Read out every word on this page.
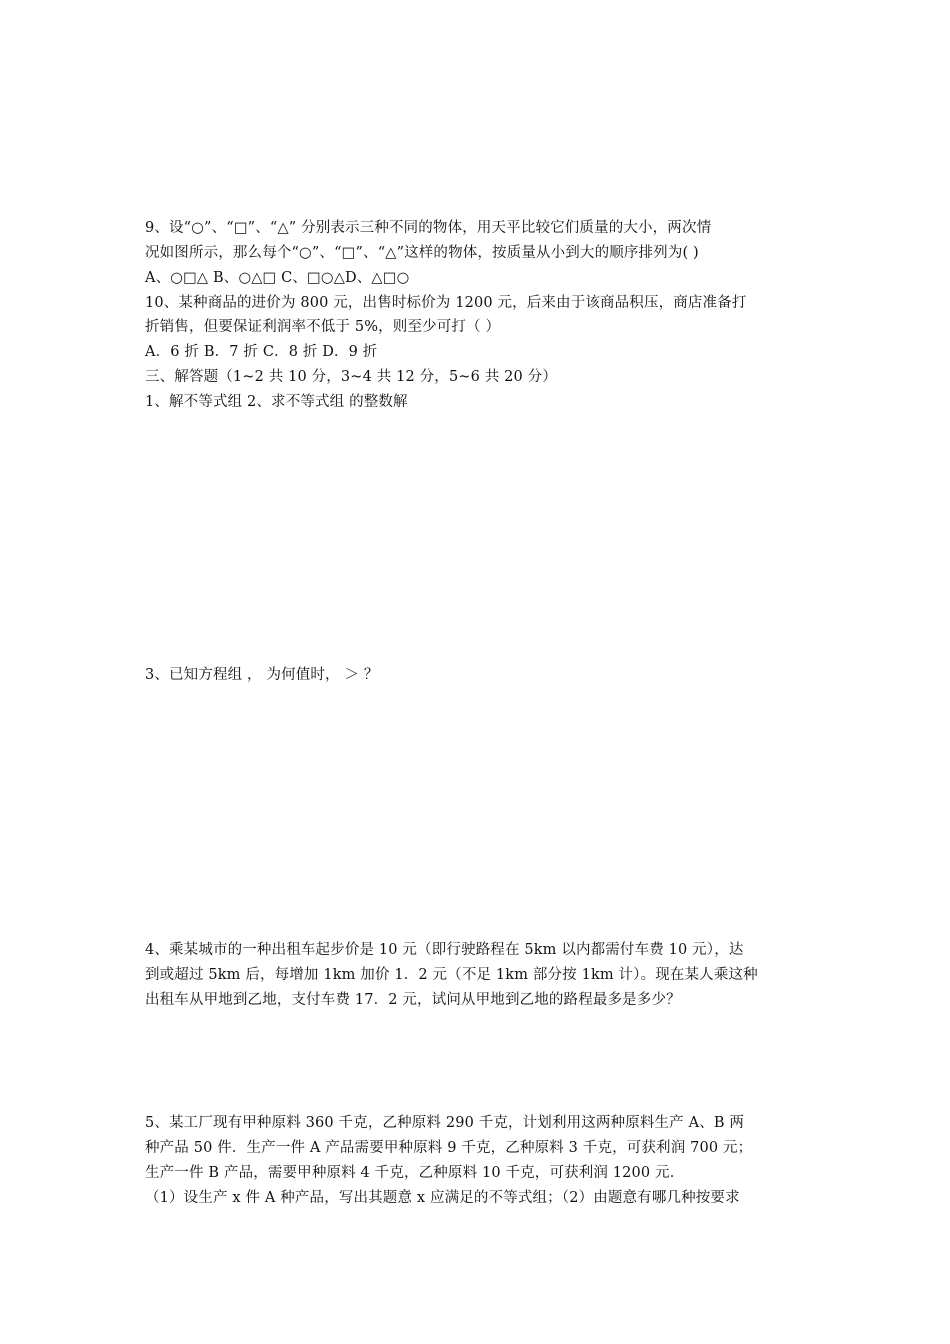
9、设“○”、“□”、“△” 分别表示三种不同的物体，用天平比较它们质量的大小，两次情
况如图所示，那么每个“○”、“□”、“△”这样的物体，按质量从小到大的顺序排列为( )
A、○□△ B、○△□ C、□○△D、△□○
10、某种商品的进价为 800 元，出售时标价为 1200 元，后来由于该商品积压，商店准备打
折销售，但要保证利润率不低于 5%，则至少可打（ ）
A．6 折 B．7 折 C．8 折 D．9 折
三、解答题（1~2 共 10 分，3~4 共 12 分，5~6 共 20 分）
1、解不等式组 2、求不等式组 的整数解
3、已知方程组 ， 为何值时， ＞ ？
4、乘某城市的一种出租车起步价是 10 元（即行驶路程在 5km 以内都需付车费 10 元），达
到或超过 5km 后，每增加 1km 加价 1．2 元（不足 1km 部分按 1km 计）。现在某人乘这种
出租车从甲地到乙地，支付车费 17．2 元，试问从甲地到乙地的路程最多是多少？
5、某工厂现有甲种原料 360 千克，乙种原料 290 千克，计划利用这两种原料生产 A、B 两
种产品 50 件．生产一件 A 产品需要甲种原料 9 千克，乙种原料 3 千克，可获利润 700 元；
生产一件 B 产品，需要甲种原料 4 千克，乙种原料 10 千克，可获利润 1200 元．
（1）设生产 x 件 A 种产品，写出其题意 x 应满足的不等式组；（2）由题意有哪几种按要求
